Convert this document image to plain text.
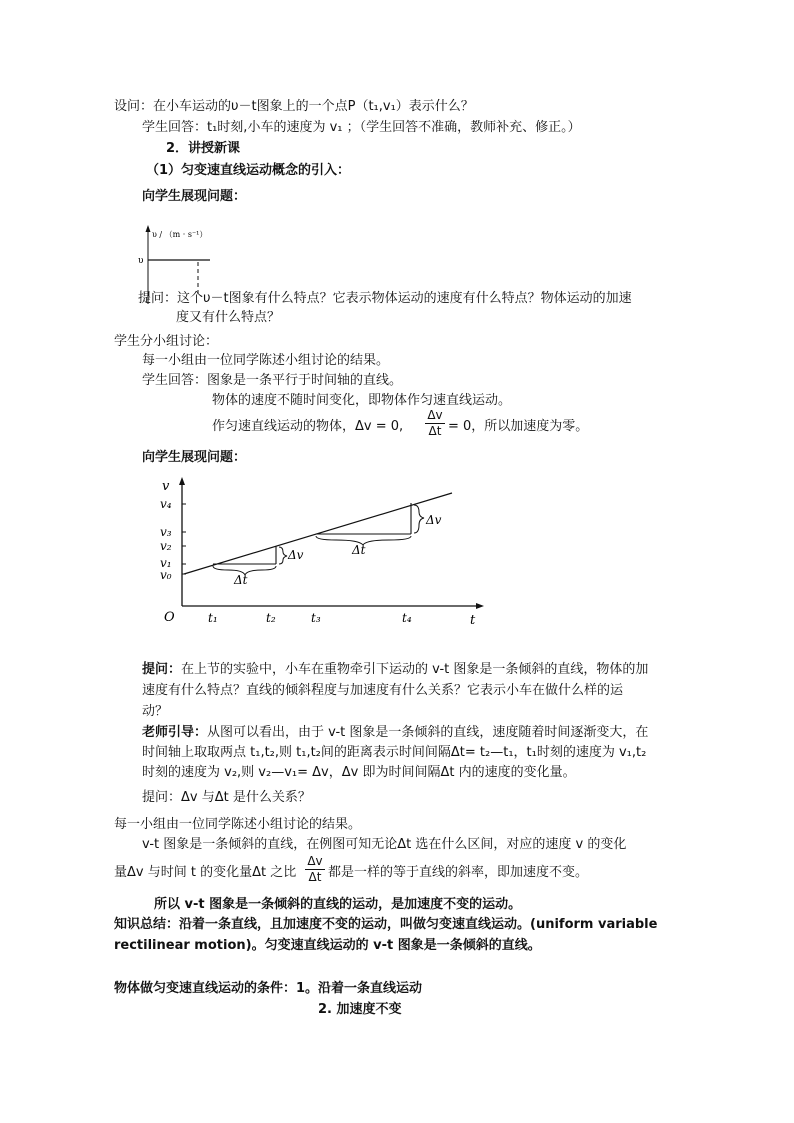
设问：在小车运动的υ－t图象上的一个点P（t₁,v₁）表示什么？
学生回答：t₁时刻,小车的速度为 v₁ ；（学生回答不准确，教师补充、修正。）
2．讲授新课
（1）匀变速直线运动概念的引入：
向学生展现问题：
υ / （m · s⁻¹）
υ
提问：这个υ－t图象有什么特点？它表示物体运动的速度有什么特点？物体运动的加速
度又有什么特点？
学生分小组讨论：
每一小组由一位同学陈述小组讨论的结果。
学生回答：图象是一条平行于时间轴的直线。
物体的速度不随时间变化，即物体作匀速直线运动。
作匀速直线运动的物体，Δv = 0, $\frac{\Delta v}{\Delta t} = 0$，所以加速度为零。
向学生展现问题：
v
t
O
v₄
v₃
v₂
v₁
v₀
t₁	t₂	t₃	t₄
Δv
Δt
Δv
Δt
提问： 在上节的实验中，小车在重物牵引下运动的 v-t 图象是一条倾斜的直线，物体的加
速度有什么特点？直线的倾斜程度与加速度有什么关系？它表示小车在做什么样的运
动？
老师引导： 从图可以看出，由于 v-t 图象是一条倾斜的直线，速度随着时间逐渐变大，在
时间轴上取取两点 t₁,t₂,则 t₁,t₂间的距离表示时间间隔Δt= t₂—t₁，t₁时刻的速度为 v₁,t₂
时刻的速度为 v₂,则 v₂—v₁= Δv，Δv 即为时间间隔Δt 内的速度的变化量。
提问：Δv 与Δt 是什么关系？
每一小组由一位同学陈述小组讨论的结果。
v-t 图象是一条倾斜的直线，在例图可知无论Δt 选在什么区间，对应的速度 v 的变化
量Δv 与时间 t 的变化量Δt 之比 $\frac{\Delta v}{\Delta t}$ 都是一样的等于直线的斜率，即加速度不变。
所以 v-t 图象是一条倾斜的直线的运动，是加速度不变的运动。
知识总结：沿着一条直线，且加速度不变的运动，叫做匀变速直线运动。(uniform variable
rectilinear motion)。匀变速直线运动的 v-t 图象是一条倾斜的直线。
物体做匀变速直线运动的条件：1。沿着一条直线运动
2. 加速度不变
